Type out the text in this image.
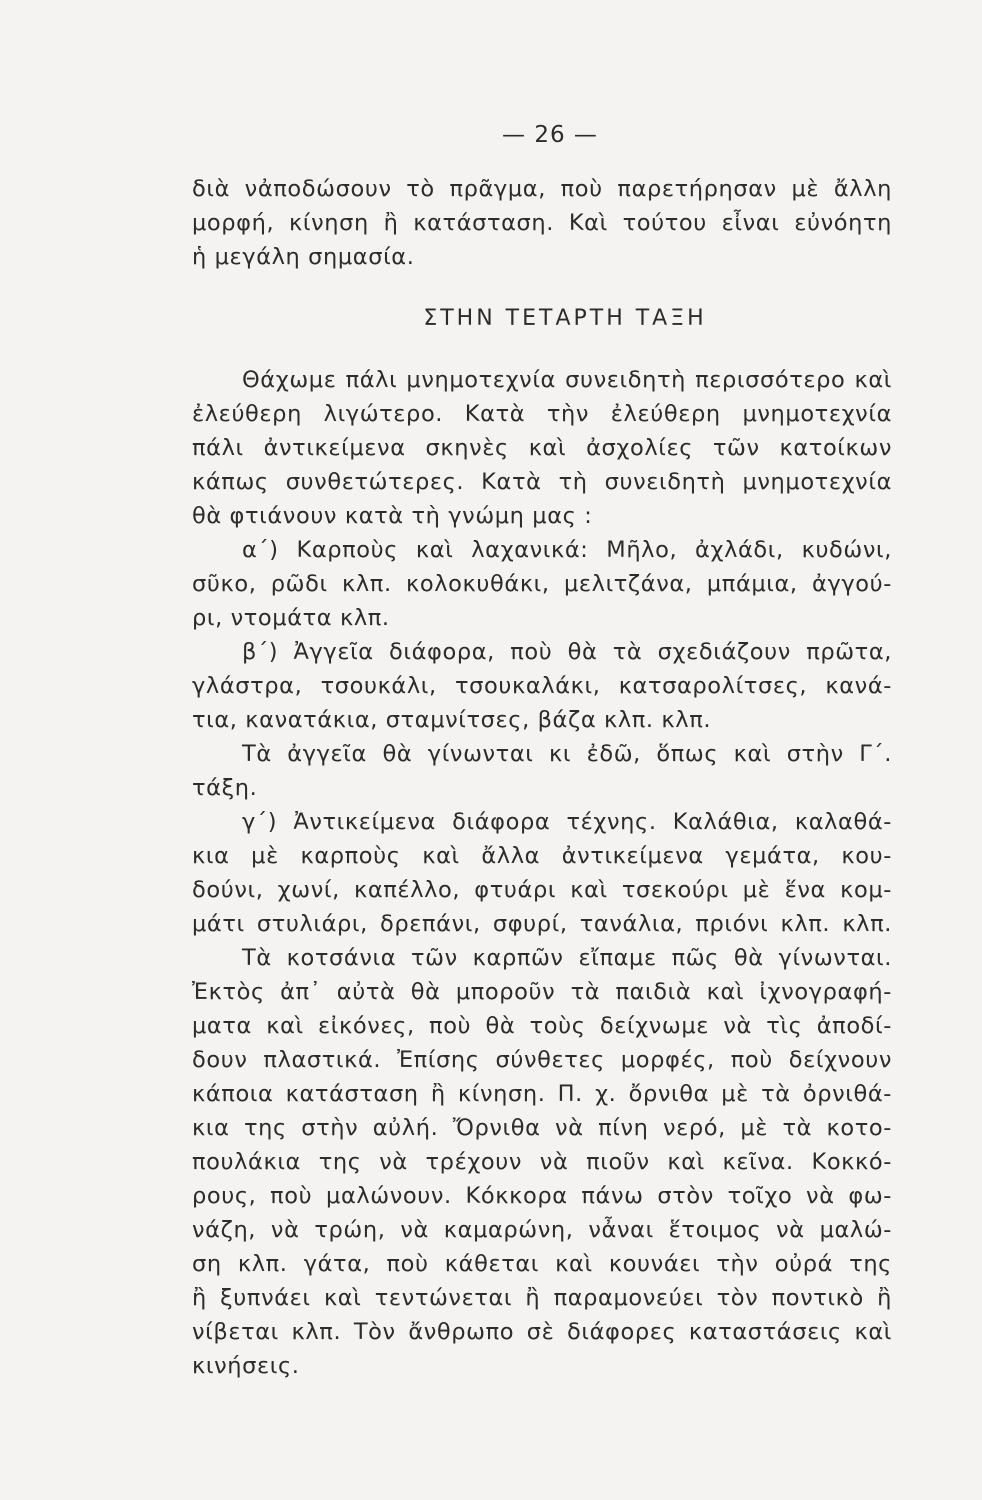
— 26 —
διὰ νἀποδώσουν τὸ πρᾶγμα, ποὺ παρετήρησαν μὲ ἄλλη
μορφή, κίνηση ἢ κατάσταση. Καὶ τούτου εἶναι εὐνόητη
ἡ μεγάλη σημασία.
ΣΤΗΝ ΤΕΤΑΡΤΗ ΤΑΞΗ
Θάχωμε πάλι μνημοτεχνία συνειδητὴ περισσότερο καὶ
ἐλεύθερη λιγώτερο. Κατὰ τὴν ἐλεύθερη μνημοτεχνία
πάλι ἀντικείμενα σκηνὲς καὶ ἀσχολίες τῶν κατοίκων
κάπως συνθετώτερες. Κατὰ τὴ συνειδητὴ μνημοτεχνία
θὰ φτιάνουν κατὰ τὴ γνώμη μας :
α΄) Καρποὺς καὶ λαχανικά: Μῆλο, ἀχλάδι, κυδώνι,
σῦκο, ρῶδι κλπ. κολοκυθάκι, μελιτζάνα, μπάμια, ἀγγού-
ρι, ντομάτα κλπ.
β΄) Ἀγγεῖα διάφορα, ποὺ θὰ τὰ σχεδιάζουν πρῶτα,
γλάστρα, τσουκάλι, τσουκαλάκι, κατσαρολίτσες, κανά-
τια, κανατάκια, σταμνίτσες, βάζα κλπ. κλπ.
Τὰ ἀγγεῖα θὰ γίνωνται κι ἐδῶ, ὅπως καὶ στὴν Γ΄.
τάξη.
γ΄) Ἀντικείμενα διάφορα τέχνης. Καλάθια, καλαθά-
κια μὲ καρποὺς καὶ ἄλλα ἀντικείμενα γεμάτα, κου-
δούνι, χωνί, καπέλλο, φτυάρι καὶ τσεκούρι μὲ ἕνα κομ-
μάτι στυλιάρι, δρεπάνι, σφυρί, τανάλια, πριόνι κλπ. κλπ.
Τὰ κοτσάνια τῶν καρπῶν εἴπαμε πῶς θὰ γίνωνται.
Ἐκτὸς ἀπ᾽ αὐτὰ θὰ μποροῦν τὰ παιδιὰ καὶ ἰχνογραφή-
ματα καὶ εἰκόνες, ποὺ θὰ τοὺς δείχνωμε νὰ τὶς ἀποδί-
δουν πλαστικά. Ἐπίσης σύνθετες μορφές, ποὺ δείχνουν
κάποια κατάσταση ἢ κίνηση. Π. χ. ὄρνιθα μὲ τὰ ὀρνιθά-
κια της στὴν αὐλή. Ὄρνιθα νὰ πίνη νερό, μὲ τὰ κοτο-
πουλάκια της νὰ τρέχουν νὰ πιοῦν καὶ κεῖνα. Κοκκό-
ρους, ποὺ μαλώνουν. Κόκκορα πάνω στὸν τοῖχο νὰ φω-
νάζη, νὰ τρώη, νὰ καμαρώνη, νἆναι ἕτοιμος νὰ μαλώ-
ση κλπ. γάτα, ποὺ κάθεται καὶ κουνάει τὴν οὐρά της
ἢ ξυπνάει καὶ τεντώνεται ἢ παραμονεύει τὸν ποντικὸ ἢ
νίβεται κλπ. Τὸν ἄνθρωπο σὲ διάφορες καταστάσεις καὶ
κινήσεις.
